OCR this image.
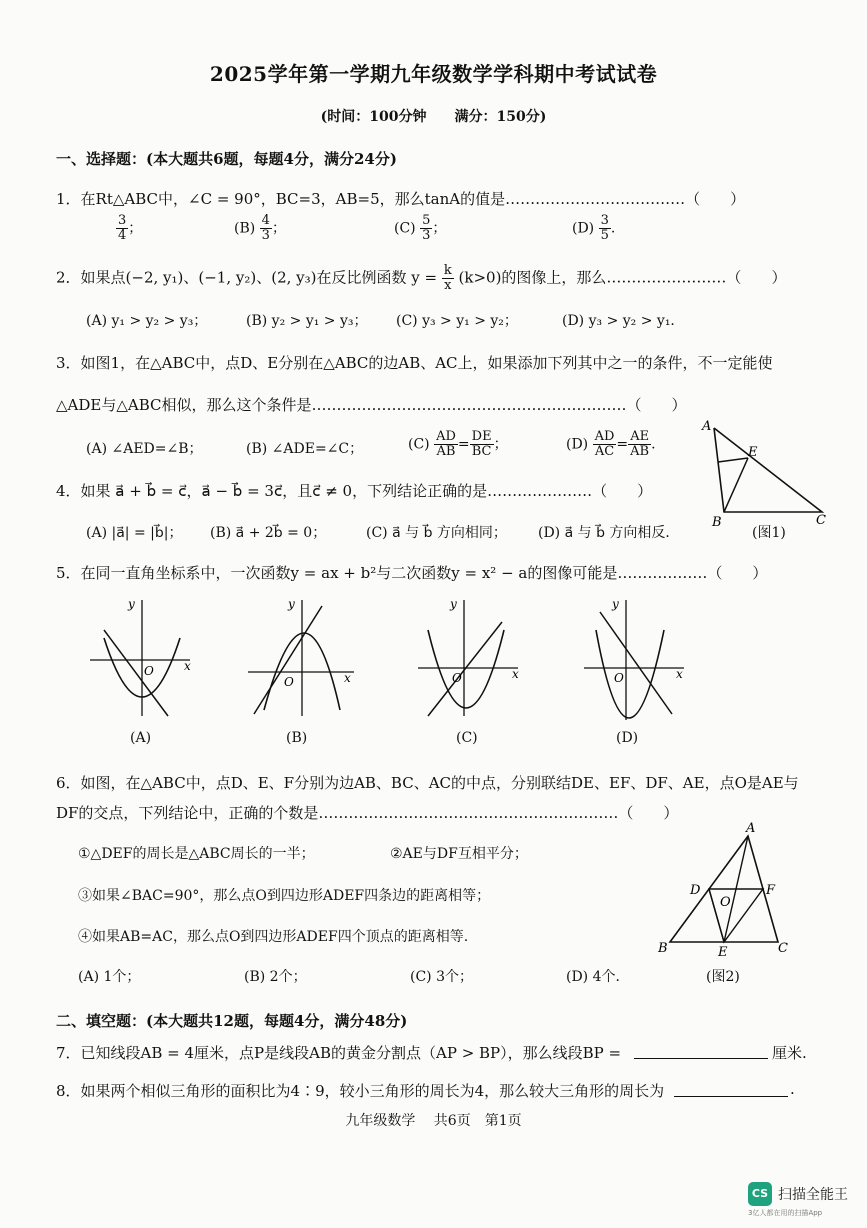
2025学年第一学期九年级数学学科期中考试试卷
(时间：100分钟　　满分：150分)
一、选择题：(本大题共6题，每题4分，满分24分)
1．在Rt△ABC中，∠C = 90°，BC=3，AB=5，那么tanA的值是………………………………（　　）
$\frac{3}{4}$ ；	$(B) \frac{4}{3}$ ；	$(C) \frac{5}{3}$ ；	$(D) \frac{3}{5}$ .
2．如果点(−2, y₁)、(−1, y₂)、(2, y₃)在反比例函数 $y = \frac{k}{x} (k>0)$的图像上，那么……………………（　　）
(A) y₁ > y₂ > y₃；	(B) y₂ > y₁ > y₃； (C) y₃ > y₁ > y₂；	(D) y₃ > y₂ > y₁．
3．如图1，在△ABC中，点D、E分别在△ABC的边AB、AC上，如果添加下列其中之一的条件，不一定能使
△ADE与△ABC相似，那么这个条件是………………………………………………………（　　）
(A) ∠AED=∠B；	(B) ∠ADE=∠C；	$(C) \frac{AD}{AB} = \frac{DE}{BC}$ ；	$(D) \frac{AD}{AC} = \frac{AE}{AB}$ .
A
E
B	C
(图1)
4．如果 a⃗ + b⃗ = c⃗，a⃗ − b⃗ = 3c⃗，且c⃗ ≠ 0，下列结论正确的是…………………（　　）
(A) |a⃗| = |b⃗|； (B) a⃗ + 2b⃗ = 0；	(C) a⃗ 与 b⃗ 方向相同； (D) a⃗ 与 b⃗ 方向相反．
5．在同一直角坐标系中，一次函数y = ax + b²与二次函数y = x² − a的图像可能是………………（　　）
x
y
O
(A)
x
y
O
(B)
x
y
O
(C)
x
y
O
(D)
6．如图，在△ABC中，点D、E、F分别为边AB、BC、AC的中点，分别联结DE、EF、DF、AE，点O是AE与
DF的交点，下列结论中，正确的个数是……………………………………………………（　　）
①△DEF的周长是△ABC周长的一半；	②AE与DF互相平分；
③如果∠BAC=90°，那么点O到四边形ADEF四条边的距离相等；
④如果AB=AC，那么点O到四边形ADEF四个顶点的距离相等.
(A) 1个；	(B) 2个；	(C) 3个；	(D) 4个．
A
D	F
O
B	E	C
(图2)
二、填空题：(本大题共12题，每题4分，满分48分)
7．已知线段AB = 4厘米，点P是线段AB的黄金分割点（AP > BP），那么线段BP =	厘米.
8．如果两个相似三角形的面积比为4∶9，较小三角形的周长为4，那么较大三角形的周长为	.
九年级数学　 共6页　第1页
CS 扫描全能王
3亿人都在用的扫描App
